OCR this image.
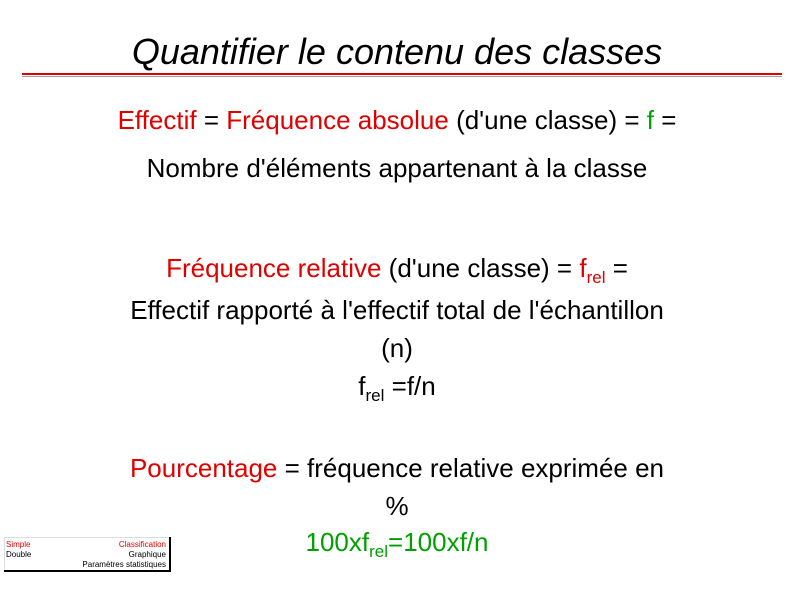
Quantifier le contenu des classes
Effectif = Fréquence absolue (d'une classe) = f =
Nombre d'éléments appartenant à la classe
Fréquence relative (d'une classe) = $f_{rel}$ =
Effectif rapporté à l'effectif total de l'échantillon
(n)
$f_{rel} =f/n$
Pourcentage = fréquence relative exprimée en
%
$100xf_{rel}=100xf/n$
Simple
Double
Classification
Graphique
Paramètres statistiques
